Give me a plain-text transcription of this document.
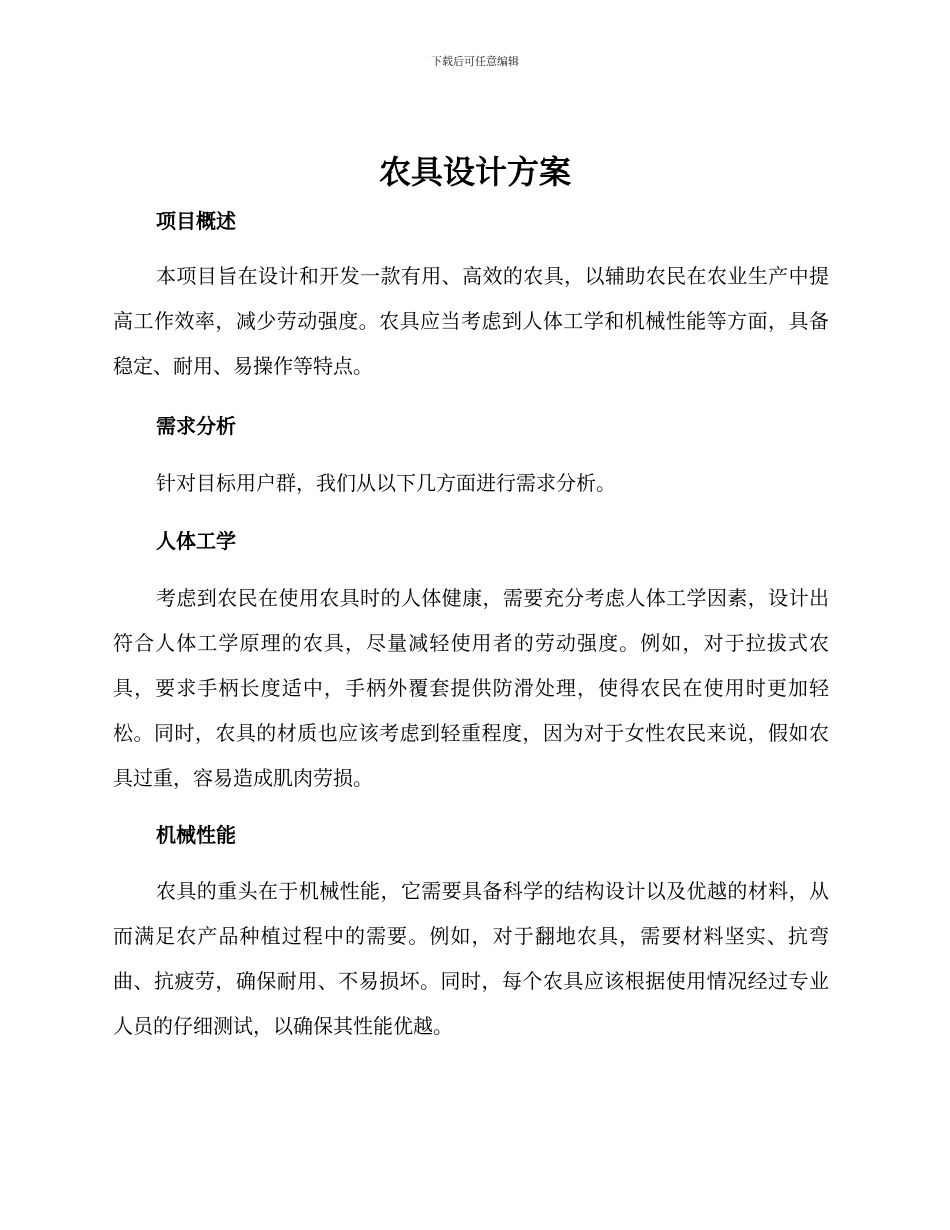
下载后可任意编辑
农具设计方案
项目概述

本项目旨在设计和开发一款有用、高效的农具，以辅助农民在农业生产中提高工作效率，减少劳动强度。农具应当考虑到人体工学和机械性能等方面，具备稳定、耐用、易操作等特点。

需求分析

针对目标用户群，我们从以下几方面进行需求分析。

人体工学

考虑到农民在使用农具时的人体健康，需要充分考虑人体工学因素，设计出符合人体工学原理的农具，尽量减轻使用者的劳动强度。例如，对于拉拔式农具，要求手柄长度适中，手柄外覆套提供防滑处理，使得农民在使用时更加轻松。同时，农具的材质也应该考虑到轻重程度，因为对于女性农民来说，假如农具过重，容易造成肌肉劳损。

机械性能

农具的重头在于机械性能，它需要具备科学的结构设计以及优越的材料，从而满足农产品种植过程中的需要。例如，对于翻地农具，需要材料坚实、抗弯曲、抗疲劳，确保耐用、不易损坏。同时，每个农具应该根据使用情况经过专业人员的仔细测试，以确保其性能优越。
